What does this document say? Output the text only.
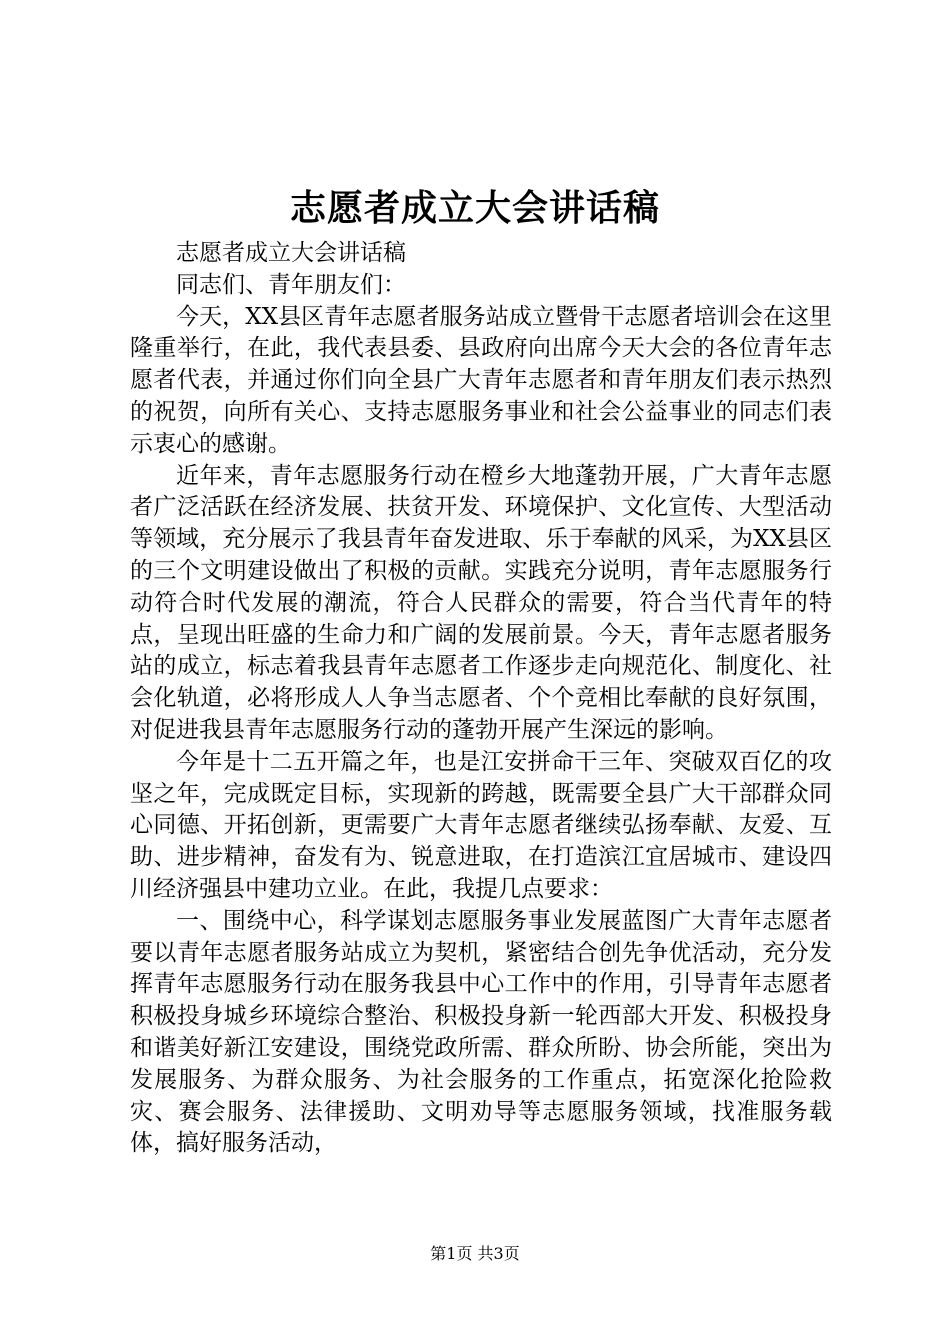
志愿者成立大会讲话稿

志愿者成立大会讲话稿

同志们、青年朋友们：

今天，XX县区青年志愿者服务站成立暨骨干志愿者培训会在这里隆重举行，在此，我代表县委、县政府向出席今天大会的各位青年志愿者代表，并通过你们向全县广大青年志愿者和青年朋友们表示热烈的祝贺，向所有关心、支持志愿服务事业和社会公益事业的同志们表示衷心的感谢。

近年来，青年志愿服务行动在橙乡大地蓬勃开展，广大青年志愿者广泛活跃在经济发展、扶贫开发、环境保护、文化宣传、大型活动等领域，充分展示了我县青年奋发进取、乐于奉献的风采，为XX县区的三个文明建设做出了积极的贡献。实践充分说明，青年志愿服务行动符合时代发展的潮流，符合人民群众的需要，符合当代青年的特点，呈现出旺盛的生命力和广阔的发展前景。今天，青年志愿者服务站的成立，标志着我县青年志愿者工作逐步走向规范化、制度化、社会化轨道，必将形成人人争当志愿者、个个竞相比奉献的良好氛围，对促进我县青年志愿服务行动的蓬勃开展产生深远的影响。

今年是十二五开篇之年，也是江安拼命干三年、突破双百亿的攻坚之年，完成既定目标，实现新的跨越，既需要全县广大干部群众同心同德、开拓创新，更需要广大青年志愿者继续弘扬奉献、友爱、互助、进步精神，奋发有为、锐意进取，在打造滨江宜居城市、建设四川经济强县中建功立业。在此，我提几点要求：

一、围绕中心，科学谋划志愿服务事业发展蓝图广大青年志愿者要以青年志愿者服务站成立为契机，紧密结合创先争优活动，充分发挥青年志愿服务行动在服务我县中心工作中的作用，引导青年志愿者积极投身城乡环境综合整治、积极投身新一轮西部大开发、积极投身和谐美好新江安建设，围绕党政所需、群众所盼、协会所能，突出为发展服务、为群众服务、为社会服务的工作重点，拓宽深化抢险救灾、赛会服务、法律援助、文明劝导等志愿服务领域，找准服务载体，搞好服务活动，

第1页 共3页
